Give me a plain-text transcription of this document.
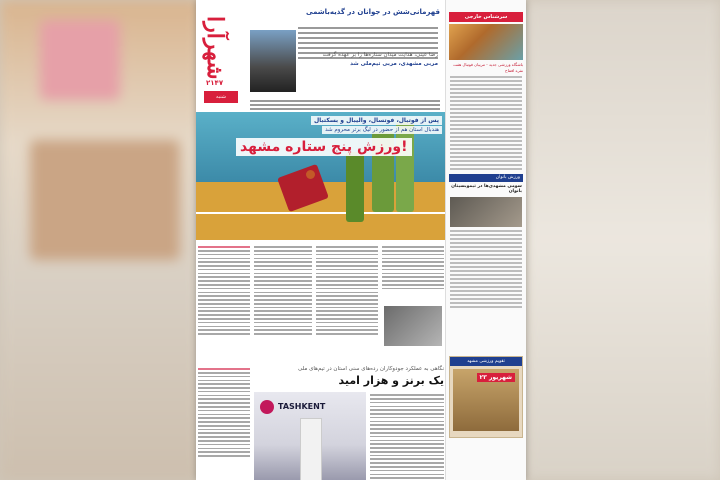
شهرآرا
۲۱۴۷
شنبه
قهرمانی‌شش در جوانان در گذیه‌باشمی
رضا عینی، هدایت میدان ستاره‌ها را بر عهده گرفت
مربی مشهدی، مربی تیم‌ملی شد
پس از فوتبال، فوتسال، والیبال و بسکتبال
هندبال استان هم از حضور در لیگ برتر محروم شد
ورزش پنج ستاره مشهد!
نگاهی به عملکرد جودوکاران رده‌های سنی استان در تیم‌های ملی
یک برنز و هزار امید
TASHKENT
سرشناس خارجی
باشگاه ورزشی جدید - مربیان فوتبال هفت نفره افتتاح
ورزش بانوان
سومی مشهدی‌ها در تیموبسیتان بانوان
تقویم ورزشی مشهد
۲۳ شهریور
